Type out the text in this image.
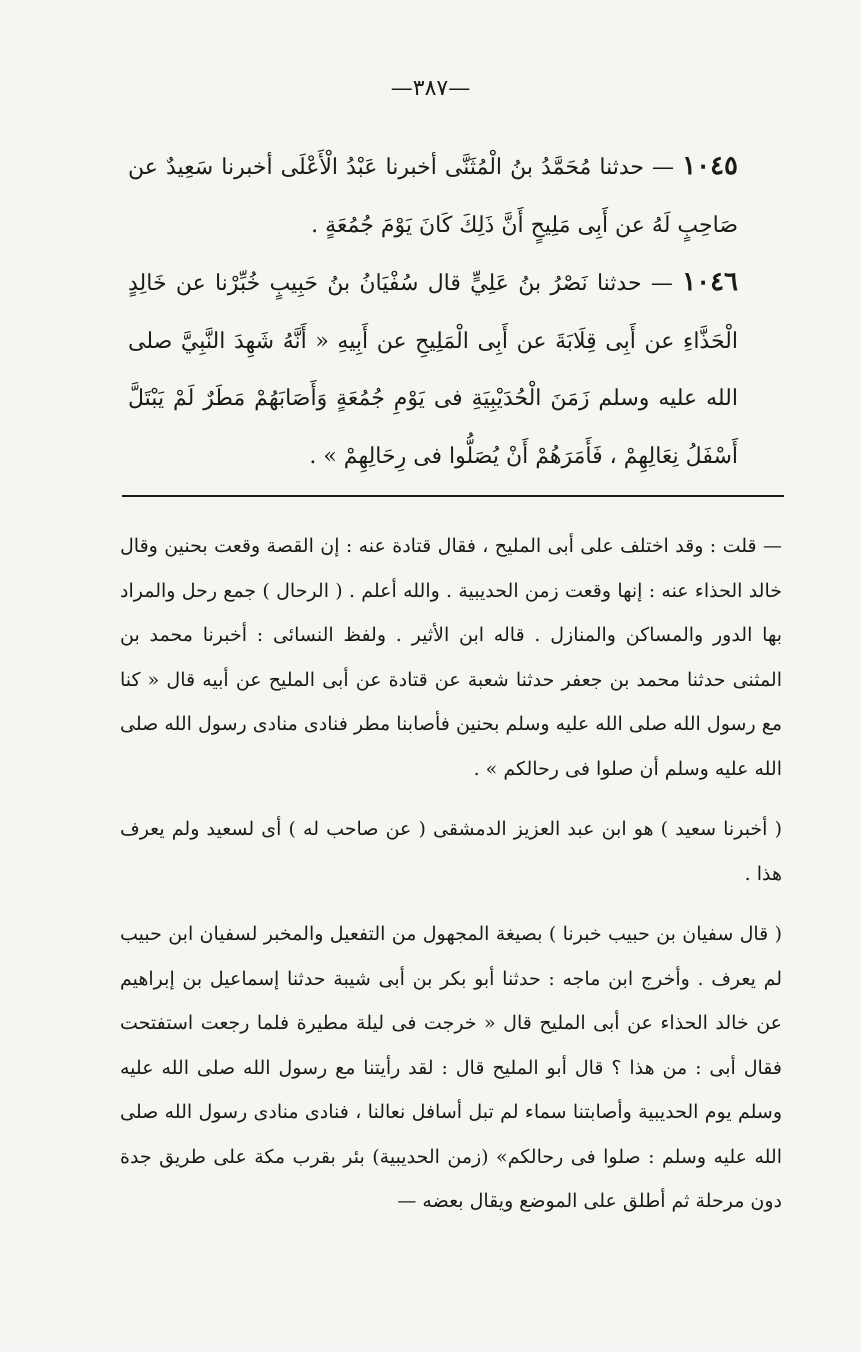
—٣٨٧—
١٠٤٥ — حدثنا مُحَمَّدُ بنُ الْمُثَنَّى أخبرنا عَبْدُ الْأَعْلَى أخبرنا سَعِيدٌ عن صَاحِبٍ لَهُ عن أَبِى مَلِيحٍ أَنَّ ذَلِكَ كَانَ يَوْمَ جُمُعَةٍ .
١٠٤٦ — حدثنا نَصْرُ بنُ عَلِيٍّ قال سُفْيَانُ بنُ حَبِيبٍ خُبِّرْنا عن خَالِدٍ الْحَذَّاءِ عن أَبِى قِلَابَةَ عن أَبِى الْمَلِيحِ عن أَبِيهِ « أَنَّهُ شَهِدَ النَّبِيَّ صلى الله عليه وسلم زَمَنَ الْحُدَيْبِيَةِ فى يَوْمِ جُمُعَةٍ وَأَصَابَهُمْ مَطَرٌ لَمْ يَبْتَلَّ أَسْفَلُ نِعَالِهِمْ ، فَأَمَرَهُمْ أَنْ يُصَلُّوا فى رِحَالِهِمْ » .

— قلت : وقد اختلف على أبى المليح ، فقال قتادة عنه : إن القصة وقعت بحنين وقال خالد الحذاء عنه : إنها وقعت زمن الحديبية . والله أعلم . ( الرحال ) جمع رحل والمراد بها الدور والمساكن والمنازل . قاله ابن الأثير . ولفظ النسائى : أخبرنا محمد بن المثنى حدثنا محمد بن جعفر حدثنا شعبة عن قتادة عن أبى المليح عن أبيه قال « كنا مع رسول الله صلى الله عليه وسلم بحنين فأصابنا مطر فنادى منادى رسول الله صلى الله عليه وسلم أن صلوا فى رحالكم » .

( أخبرنا سعيد ) هو ابن عبد العزيز الدمشقى ( عن صاحب له ) أى لسعيد ولم يعرف هذا .

( قال سفيان بن حبيب خبرنا ) بصيغة المجهول من التفعيل والمخبر لسفيان ابن حبيب لم يعرف . وأخرج ابن ماجه : حدثنا أبو بكر بن أبى شيبة حدثنا إسماعيل بن إبراهيم عن خالد الحذاء عن أبى المليح قال « خرجت فى ليلة مطيرة فلما رجعت استفتحت فقال أبى : من هذا ؟ قال أبو المليح قال : لقد رأيتنا مع رسول الله صلى الله عليه وسلم يوم الحديبية وأصابتنا سماء لم تبل أسافل نعالنا ، فنادى منادى رسول الله صلى الله عليه وسلم : صلوا فى رحالكم» (زمن الحديبية) بئر بقرب مكة على طريق جدة دون مرحلة ثم أطلق على الموضع ويقال بعضه —
